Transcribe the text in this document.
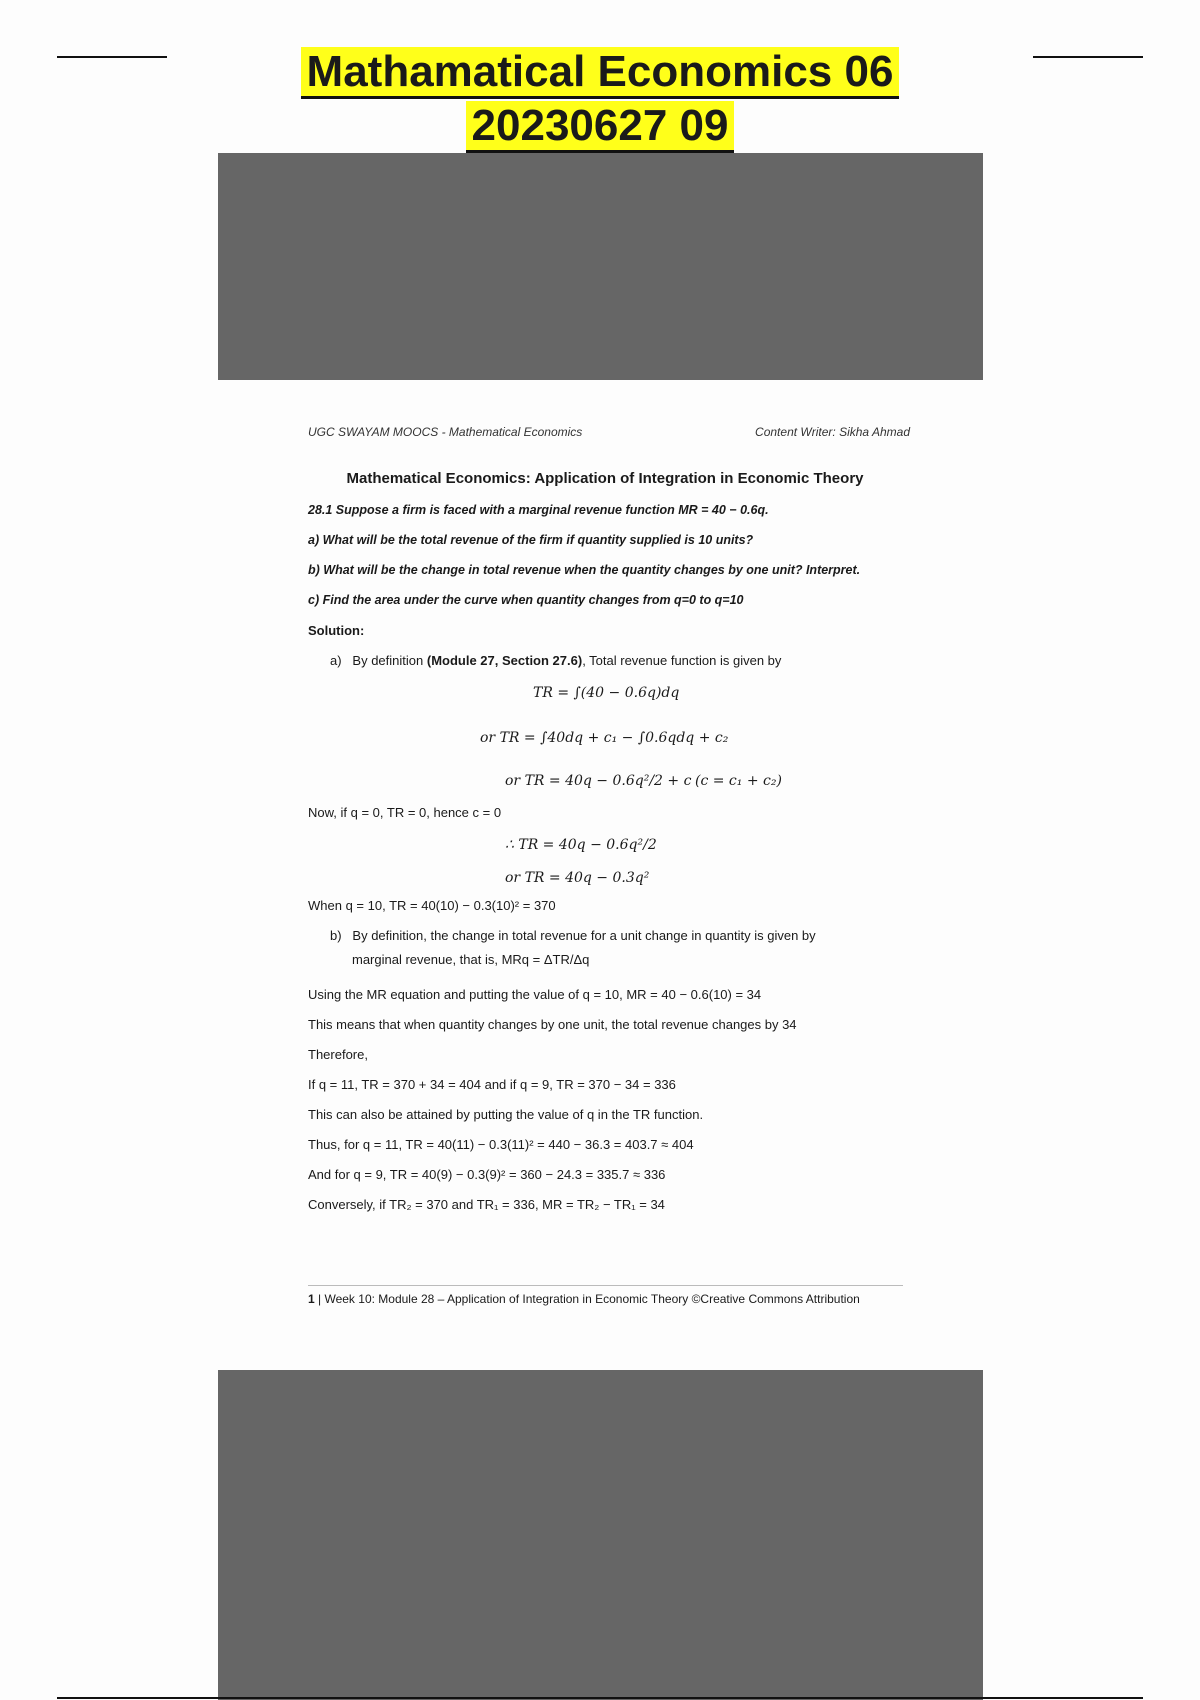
Mathamatical Economics 06
20230627 09
UGC SWAYAM MOOCS - Mathematical Economics	Content Writer: Sikha Ahmad
Mathematical Economics: Application of Integration in Economic Theory
28.1 Suppose a firm is faced with a marginal revenue function MR = 40 − 0.6q.
a) What will be the total revenue of the firm if quantity supplied is 10 units?
b) What will be the change in total revenue when the quantity changes by one unit? Interpret.
c) Find the area under the curve when quantity changes from q=0 to q=10
Solution:
a) By definition (Module 27, Section 27.6), Total revenue function is given by
TR = ∫(40 − 0.6q)dq
or TR = ∫40dq + c₁ − ∫0.6qdq + c₂
or TR = 40q − 0.6q²/2 + c (c = c₁ + c₂)
Now, if q = 0, TR = 0, hence c = 0
∴ TR = 40q − 0.6q²/2
or TR = 40q − 0.3q²
When q = 10, TR = 40(10) − 0.3(10)² = 370
b) By definition, the change in total revenue for a unit change in quantity is given by
marginal revenue, that is, MRq = ΔTR/Δq
Using the MR equation and putting the value of q = 10, MR = 40 − 0.6(10) = 34
This means that when quantity changes by one unit, the total revenue changes by 34
Therefore,
If q = 11, TR = 370 + 34 = 404 and if q = 9, TR = 370 − 34 = 336
This can also be attained by putting the value of q in the TR function.
Thus, for q = 11, TR = 40(11) − 0.3(11)² = 440 − 36.3 = 403.7 ≈ 404
And for q = 9, TR = 40(9) − 0.3(9)² = 360 − 24.3 = 335.7 ≈ 336
Conversely, if TR₂ = 370 and TR₁ = 336, MR = TR₂ − TR₁ = 34
1 | Week 10: Module 28 – Application of Integration in Economic Theory ©Creative Commons Attribution
